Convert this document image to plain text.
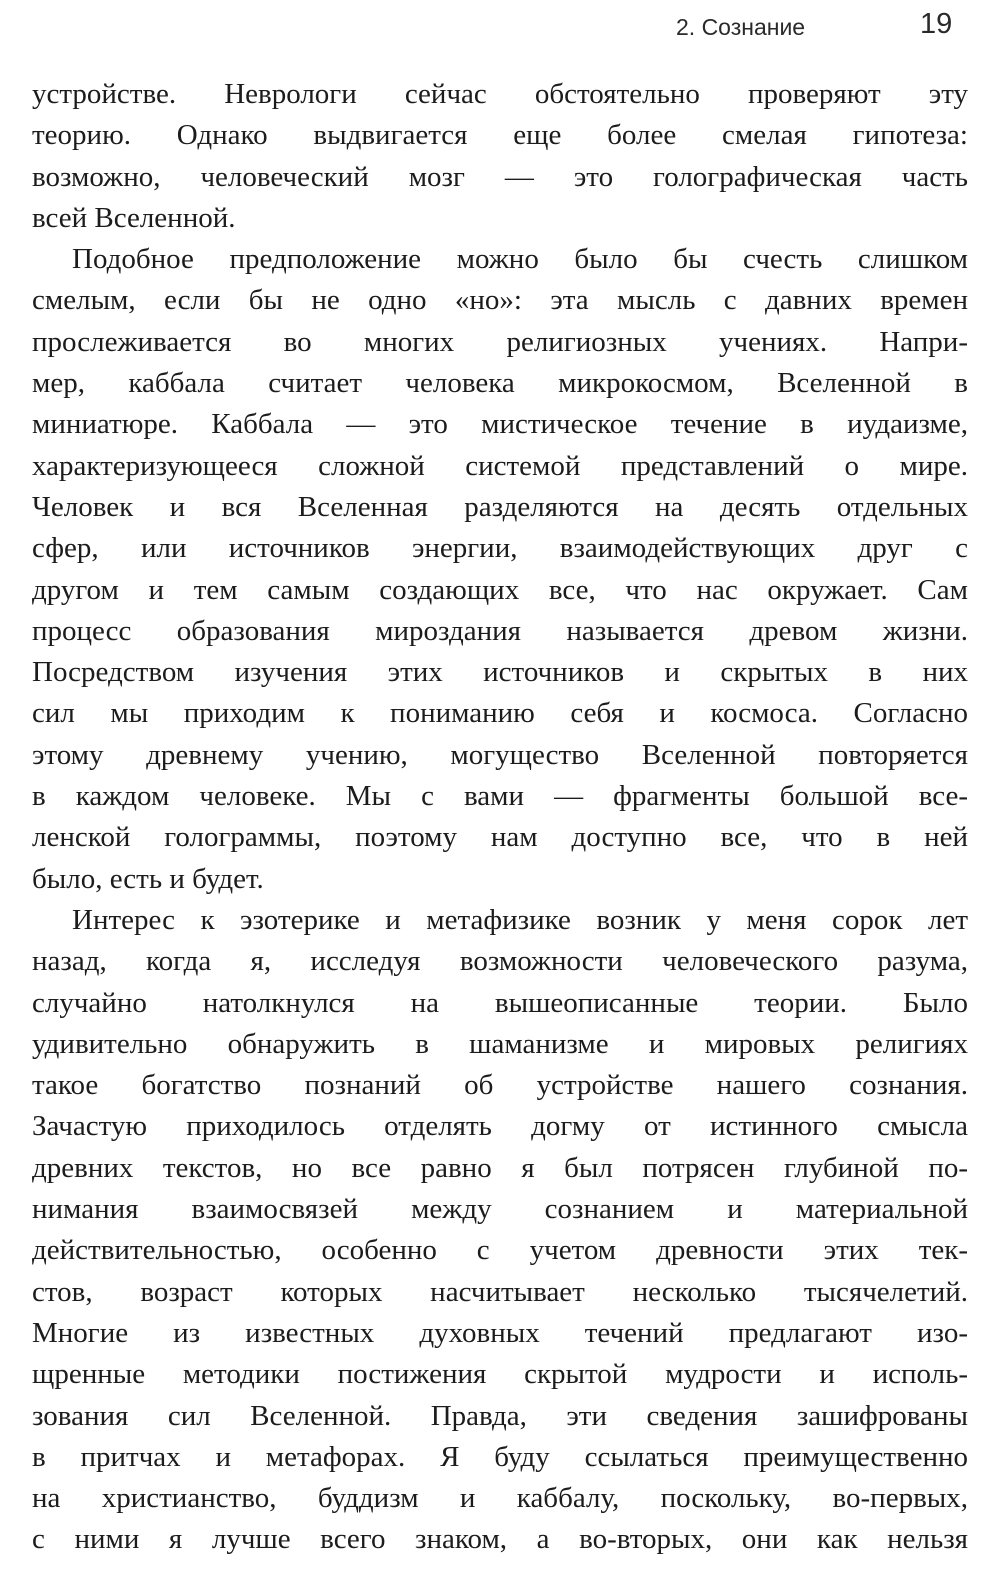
2. Сознание	19
устройстве. Неврологи сейчас обстоятельно проверяют эту
теорию. Однако выдвигается еще более смелая гипотеза:
возможно, человеческий мозг — это голографическая часть
всей Вселенной.
Подобное предположение можно было бы счесть слишком
смелым, если бы не одно «но»: эта мысль с давних времен
прослеживается во многих религиозных учениях. Напри-
мер, каббала считает человека микрокосмом, Вселенной в
миниатюре. Каббала — это мистическое течение в иудаизме,
характеризующееся сложной системой представлений о мире.
Человек и вся Вселенная разделяются на десять отдельных
сфер, или источников энергии, взаимодействующих друг с
другом и тем самым создающих все, что нас окружает. Сам
процесс образования мироздания называется древом жизни.
Посредством изучения этих источников и скрытых в них
сил мы приходим к пониманию себя и космоса. Согласно
этому древнему учению, могущество Вселенной повторяется
в каждом человеке. Мы с вами — фрагменты большой все-
ленской голограммы, поэтому нам доступно все, что в ней
было, есть и будет.
Интерес к эзотерике и метафизике возник у меня сорок лет
назад, когда я, исследуя возможности человеческого разума,
случайно натолкнулся на вышеописанные теории. Было
удивительно обнаружить в шаманизме и мировых религиях
такое богатство познаний об устройстве нашего сознания.
Зачастую приходилось отделять догму от истинного смысла
древних текстов, но все равно я был потрясен глубиной по-
нимания взаимосвязей между сознанием и материальной
действительностью, особенно с учетом древности этих тек-
стов, возраст которых насчитывает несколько тысячелетий.
Многие из известных духовных течений предлагают изо-
щренные методики постижения скрытой мудрости и исполь-
зования сил Вселенной. Правда, эти сведения зашифрованы
в притчах и метафорах. Я буду ссылаться преимущественно
на христианство, буддизм и каббалу, поскольку, во-первых,
с ними я лучше всего знаком, а во-вторых, они как нельзя
